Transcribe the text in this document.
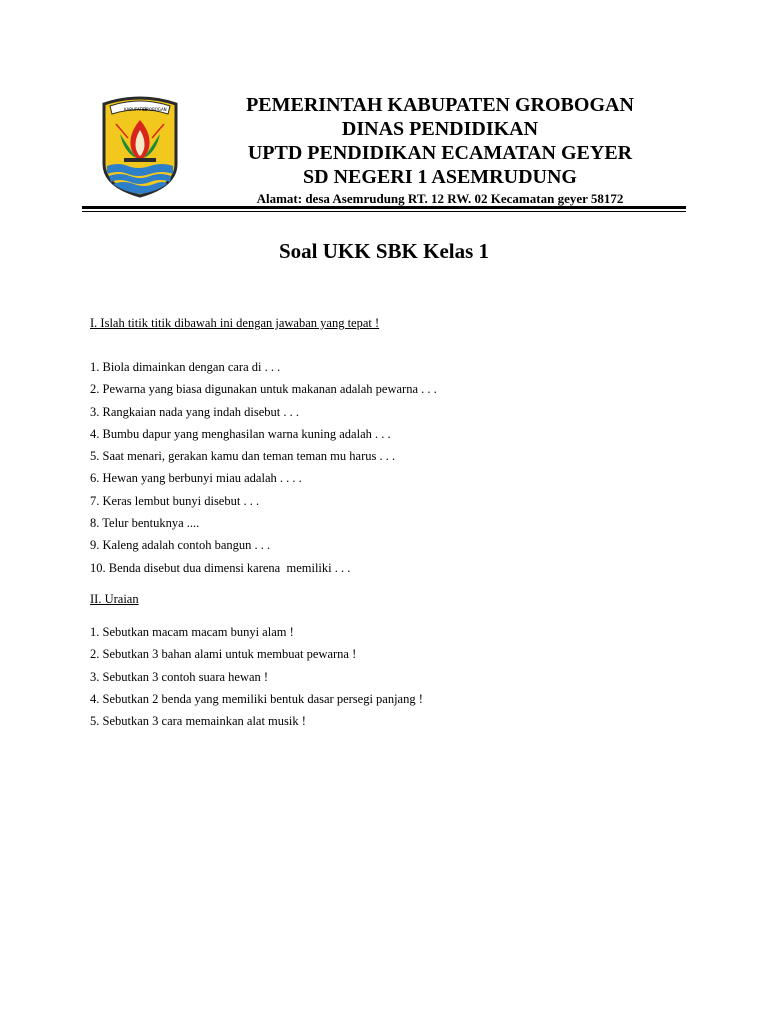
KABUPATEN
GROBOGAN	PEMERINTAH KABUPATEN GROBOGAN
DINAS PENDIDIKAN
UPTD PENDIDIKAN ECAMATAN GEYER
SD NEGERI 1 ASEMRUDUNG
Alamat: desa Asemrudung RT. 12 RW. 02 Kecamatan geyer 58172
Soal UKK SBK Kelas 1
I. Islah titik titik dibawah ini dengan jawaban yang tepat !
1. Biola dimainkan dengan cara di . . .
2. Pewarna yang biasa digunakan untuk makanan adalah pewarna . . .
3. Rangkaian nada yang indah disebut . . .
4. Bumbu dapur yang menghasilan warna kuning adalah . . .
5. Saat menari, gerakan kamu dan teman teman mu harus . . .
6. Hewan yang berbunyi miau adalah . . . .
7. Keras lembut bunyi disebut . . .
8. Telur bentuknya ....
9. Kaleng adalah contoh bangun . . .
10. Benda disebut dua dimensi karena  memiliki . . .
II. Uraian
1. Sebutkan macam macam bunyi alam !
2. Sebutkan 3 bahan alami untuk membuat pewarna !
3. Sebutkan 3 contoh suara hewan !
4. Sebutkan 2 benda yang memiliki bentuk dasar persegi panjang !
5. Sebutkan 3 cara memainkan alat musik !
